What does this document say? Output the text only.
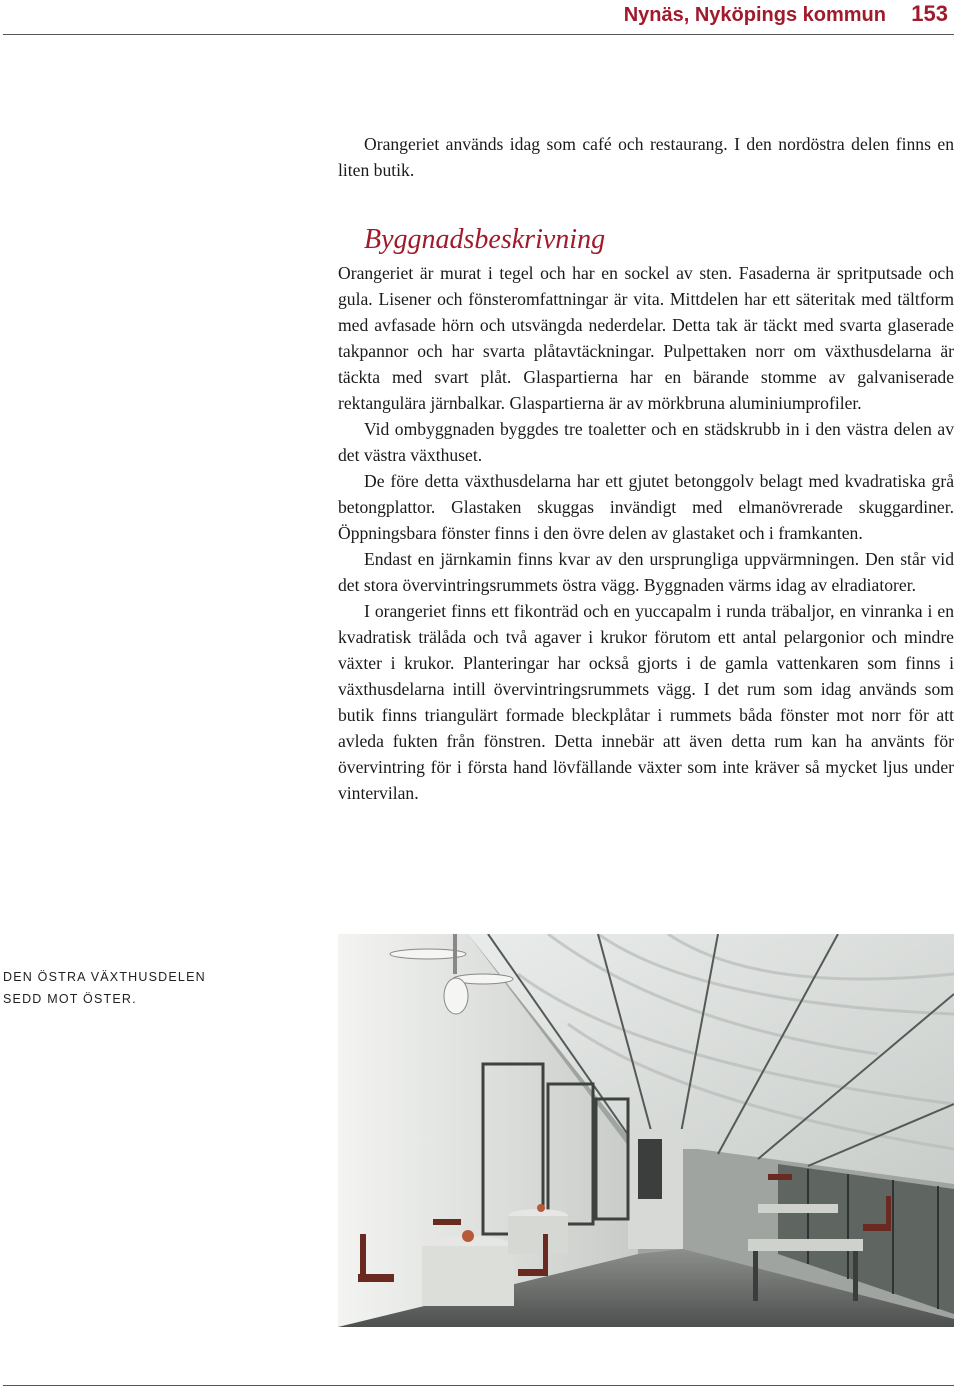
Nynäs, Nyköpings kommun 153

Orangeriet används idag som café och restaurang. I den nordöstra delen finns en liten butik.

Byggnadsbeskrivning

Orangeriet är murat i tegel och har en sockel av sten. Fasaderna är spritputsade och gula. Lisener och fönsteromfattningar är vita. Mittdelen har ett säteritak med tältform med avfasade hörn och utsvängda nederdelar. Detta tak är täckt med svarta glaserade takpannor och har svarta plåtavtäckningar. Pulpettaken norr om växthusdelarna är täckta med svart plåt. Glaspartierna har en bärande stomme av galvaniserade rektangulära järnbalkar. Glaspartierna är av mörkbruna aluminiumprofiler.

Vid ombyggnaden byggdes tre toaletter och en städskrubb in i den västra delen av det västra växthuset.

De före detta växthusdelarna har ett gjutet betonggolv belagt med kvadratiska grå betongplattor. Glastaken skuggas invändigt med elmanövrerade skuggardiner. Öppningsbara fönster finns i den övre delen av glastaket och i framkanten.

Endast en järnkamin finns kvar av den ursprungliga uppvärmningen. Den står vid det stora övervintringsrummets östra vägg. Byggnaden värms idag av elradiatorer.

I orangeriet finns ett fikonträd och en yuccapalm i runda träbaljor, en vinranka i en kvadratisk trälåda och två agaver i krukor förutom ett antal pelargonior och mindre växter i krukor. Planteringar har också gjorts i de gamla vattenkaren som finns i växthusdelarna intill övervintringsrummets vägg. I det rum som idag används som butik finns triangulärt formade bleckplåtar i rummets båda fönster mot norr för att avleda fukten från fönstren. Detta innebär att även detta rum kan ha använts för övervintring för i första hand lövfällande växter som inte kräver så mycket ljus under vintervilan.

DEN ÖSTRA VÄXTHUSDELEN SEDD MOT ÖSTER.
